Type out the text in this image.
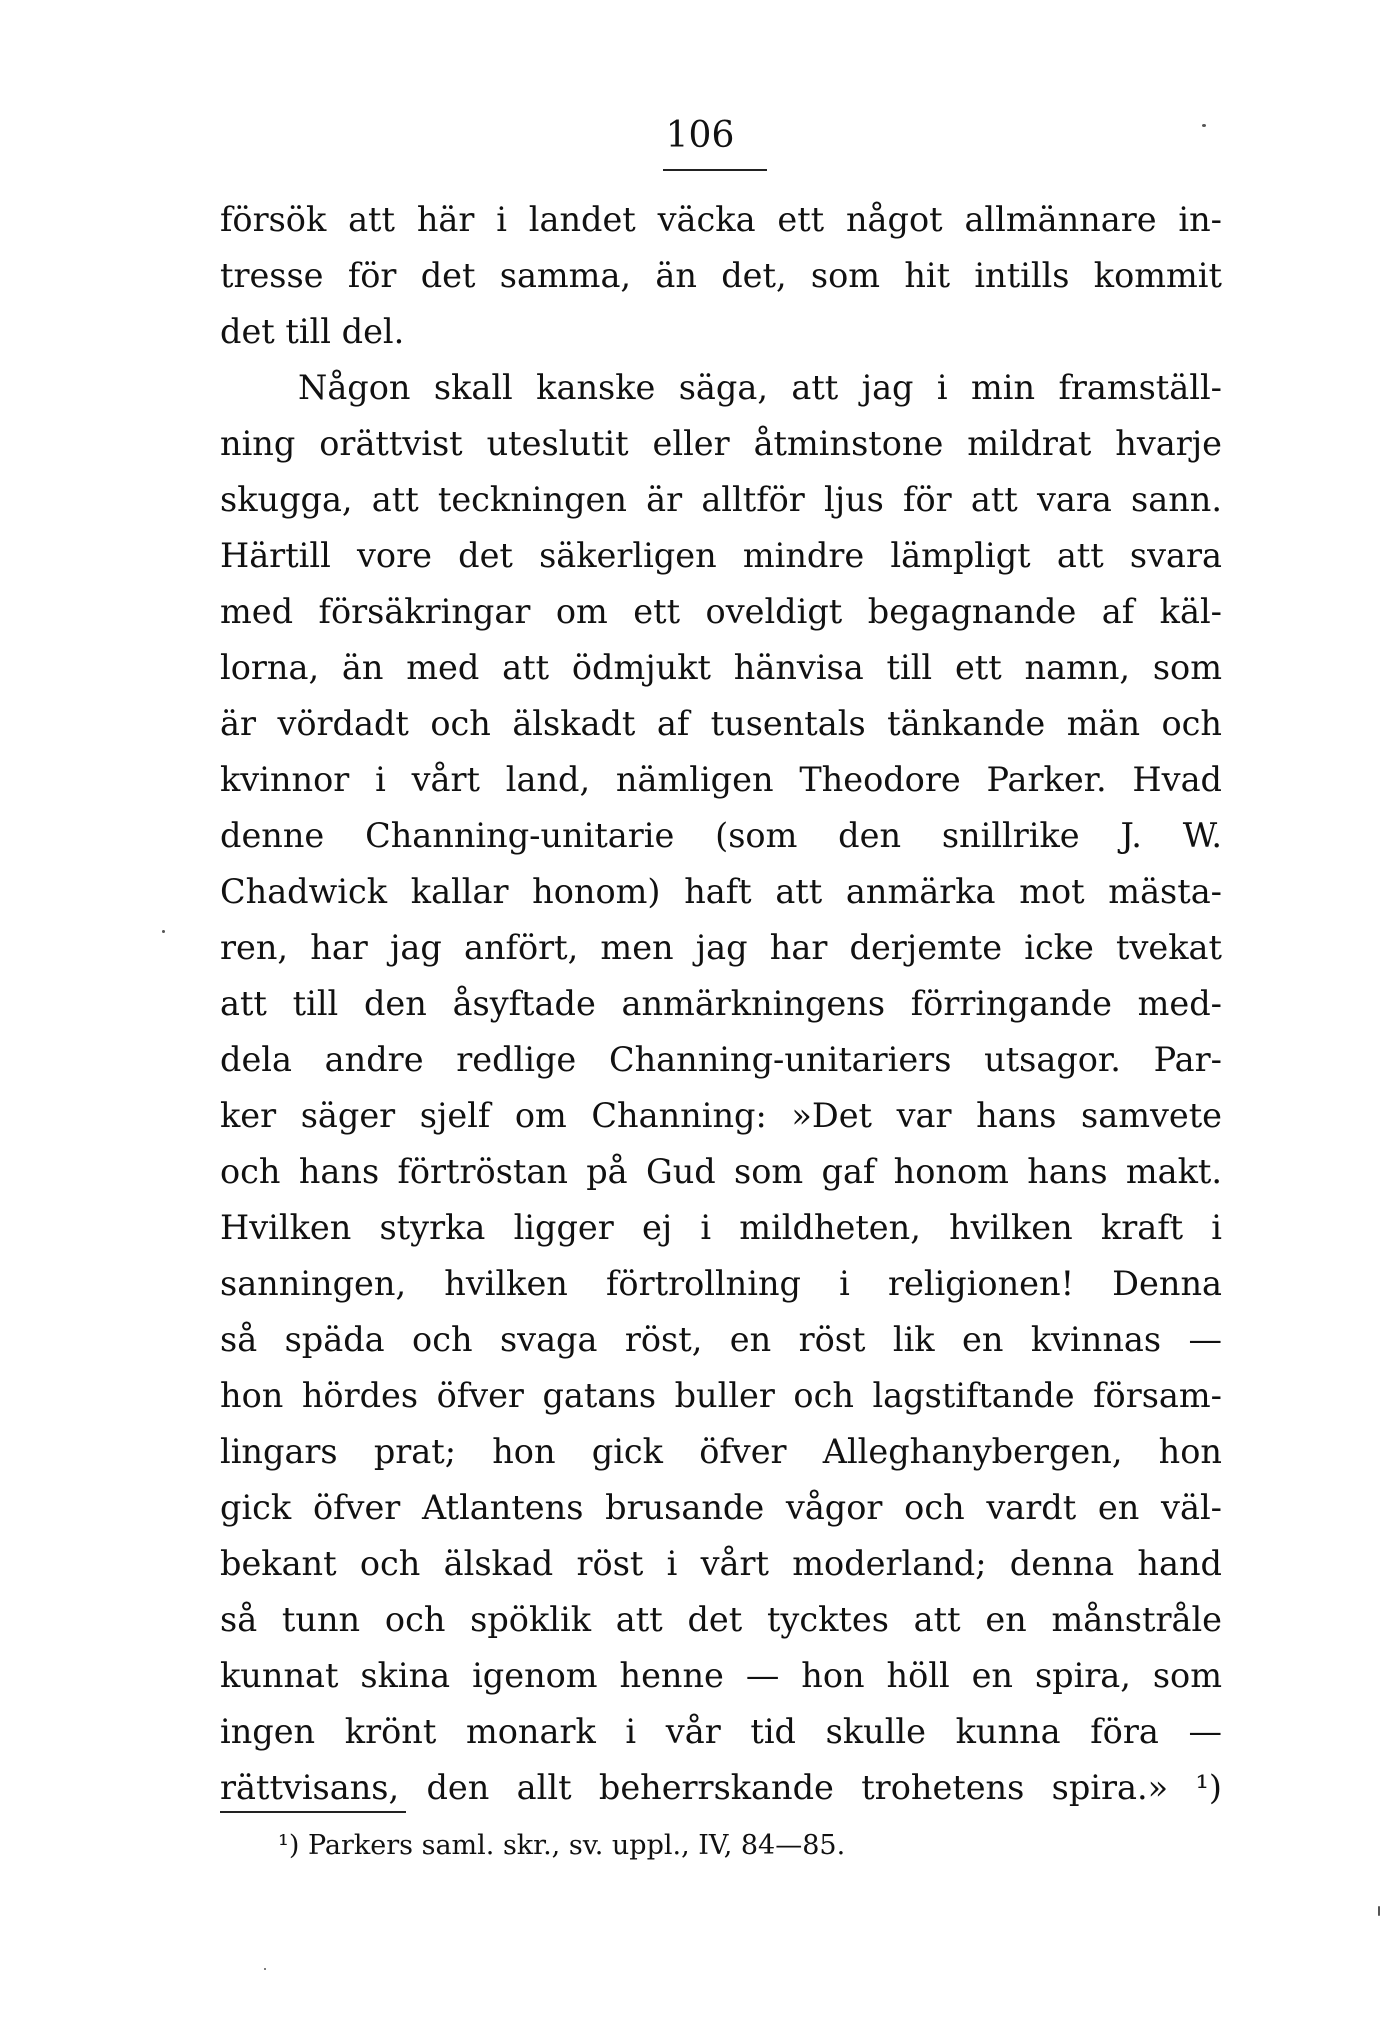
106
försök att här i landet väcka ett något allmännare in-
tresse för det samma, än det, som hit intills kommit
det till del.
Någon skall kanske säga, att jag i min framställ-
ning orättvist uteslutit eller åtminstone mildrat hvarje
skugga, att teckningen är alltför ljus för att vara sann.
Härtill vore det säkerligen mindre lämpligt att svara
med försäkringar om ett oveldigt begagnande af käl-
lorna, än med att ödmjukt hänvisa till ett namn, som
är vördadt och älskadt af tusentals tänkande män och
kvinnor i vårt land, nämligen Theodore Parker. Hvad
denne Channing-unitarie (som den snillrike J. W.
Chadwick kallar honom) haft att anmärka mot mästa-
ren, har jag anfört, men jag har derjemte icke tvekat
att till den åsyftade anmärkningens förringande med-
dela andre redlige Channing-unitariers utsagor. Par-
ker säger sjelf om Channing: »Det var hans samvete
och hans förtröstan på Gud som gaf honom hans makt.
Hvilken styrka ligger ej i mildheten, hvilken kraft i
sanningen, hvilken förtrollning i religionen! Denna
så späda och svaga röst, en röst lik en kvinnas —
hon hördes öfver gatans buller och lagstiftande försam-
lingars prat; hon gick öfver Alleghanybergen, hon
gick öfver Atlantens brusande vågor och vardt en väl-
bekant och älskad röst i vårt moderland; denna hand
så tunn och spöklik att det tycktes att en månstråle
kunnat skina igenom henne — hon höll en spira, som
ingen krönt monark i vår tid skulle kunna föra —
rättvisans, den allt beherrskande trohetens spira.» ¹)
¹) Parkers saml. skr., sv. uppl., IV, 84—85.
